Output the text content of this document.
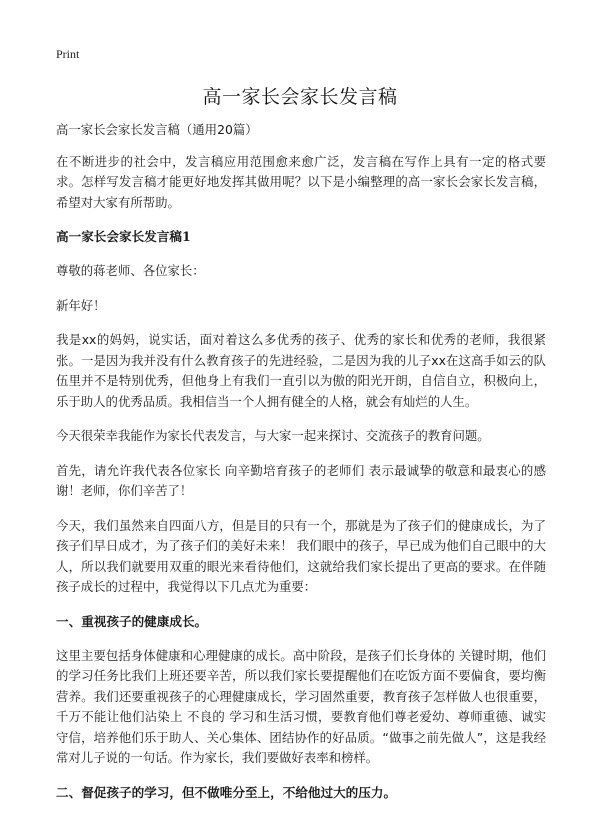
Print
高一家长会家长发言稿

高一家长会家长发言稿（通用20篇）

在不断进步的社会中，发言稿应用范围愈来愈广泛，发言稿在写作上具有一定的格式要求。怎样写发言稿才能更好地发挥其做用呢？以下是小编整理的高一家长会家长发言稿，希望对大家有所帮助。

高一家长会家长发言稿1

尊敬的蒋老师、各位家长：

新年好！

我是xx的妈妈，说实话，面对着这么多优秀的孩子、优秀的家长和优秀的老师，我很紧张。一是因为我并没有什么教育孩子的先进经验，二是因为我的儿子xx在这高手如云的队伍里并不是特别优秀，但他身上有我们一直引以为傲的阳光开朗，自信自立，积极向上，乐于助人的优秀品质。我相信当一个人拥有健全的人格，就会有灿烂的人生。

今天很荣幸我能作为家长代表发言，与大家一起来探讨、交流孩子的教育问题。

首先，请允许我代表各位家长 向辛勤培育孩子的老师们 表示最诚挚的敬意和最衷心的感谢！老师，你们辛苦了！

今天，我们虽然来自四面八方，但是目的只有一个，那就是为了孩子们的健康成长，为了孩子们早日成才，为了孩子们的美好未来！ 我们眼中的孩子，早已成为他们自己眼中的大人，所以我们就要用双重的眼光来看待他们，这就给我们家长提出了更高的要求。在伴随孩子成长的过程中，我觉得以下几点尤为重要：

一、重视孩子的健康成长。

这里主要包括身体健康和心理健康的成长。高中阶段，是孩子们长身体的 关键时期，他们的学习任务比我们上班还要辛苦，所以我们家长要提醒他们在吃饭方面不要偏食，要均衡营养。我们还要重视孩子的心理健康成长，学习固然重要，教育孩子怎样做人也很重要，千万不能让他们沾染上 不良的 学习和生活习惯，要教育他们尊老爱幼、尊师重德、诚实守信，培养他们乐于助人、关心集体、团结协作的好品质。“做事之前先做人”，这是我经常对儿子说的一句话。作为家长，我们要做好表率和榜样。

二、督促孩子的学习，但不做唯分至上，不给他过大的压力。
